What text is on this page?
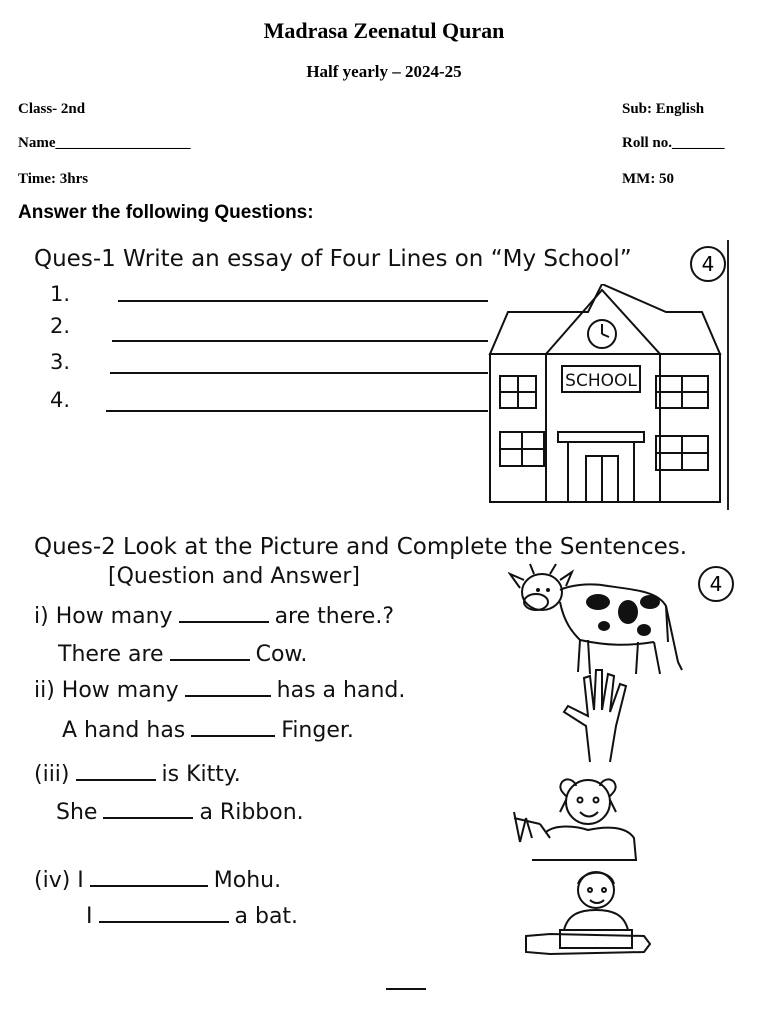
Madrasa Zeenatul Quran
Half yearly – 2024-25
Class- 2nd	Sub: English
Name__________________	Roll no._______
Time: 3hrs	MM: 50
Answer the following Questions:
Ques-1 Write an essay of Four Lines on “My School”	4
1.
2.
3.
4.
SCHOOL
Ques-2 Look at the Picture and Complete the Sentences.
[Question and Answer]	4
i) How many	are there.?
There are	Cow.
ii) How many	has a hand.
A hand has	Finger.
(iii)	is Kitty.
She	a Ribbon.
(iv) I	Mohu.
I	a bat.
